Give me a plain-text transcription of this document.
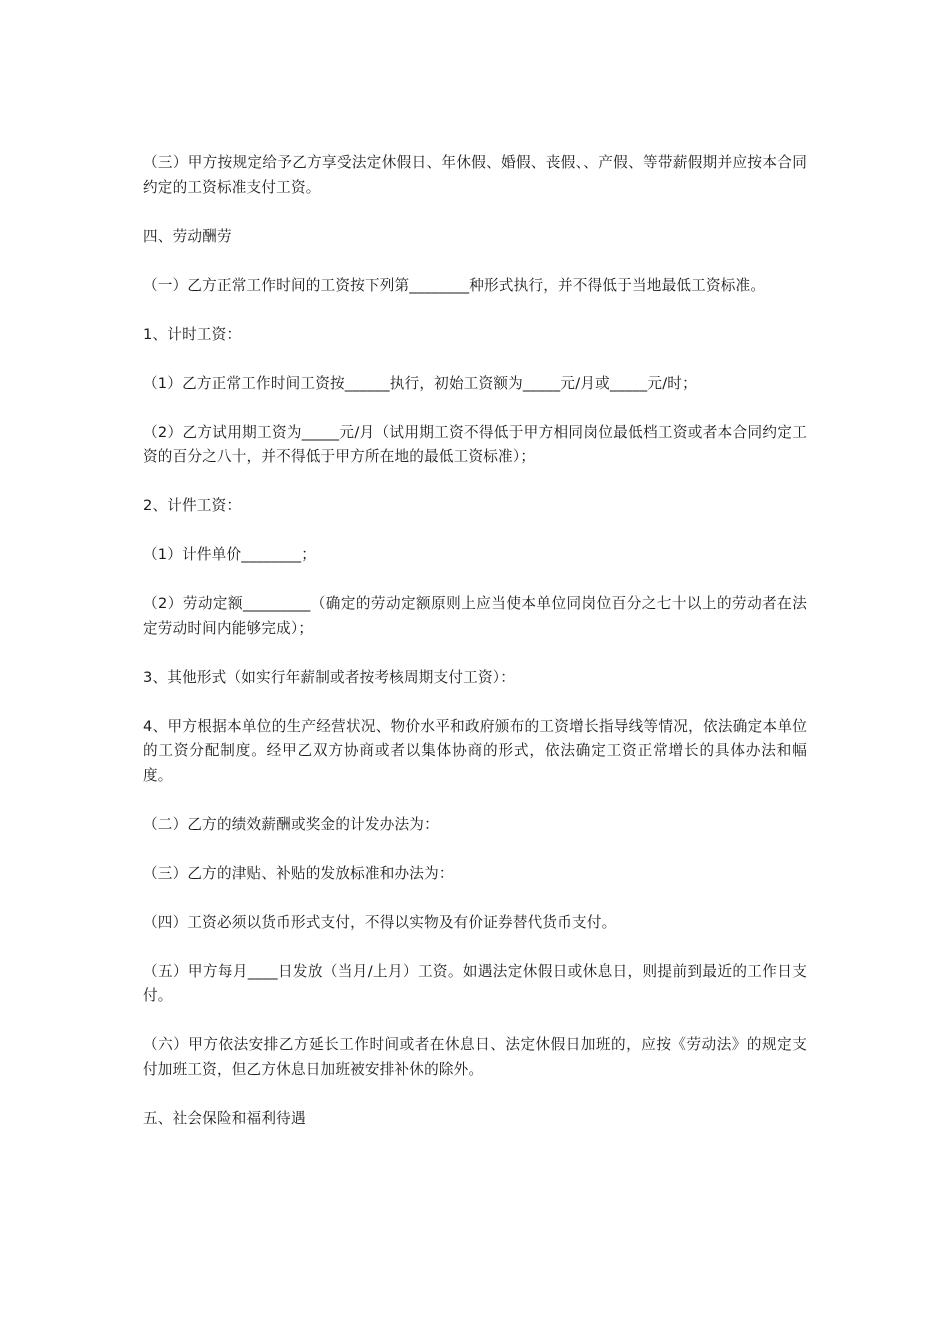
（三）甲方按规定给予乙方享受法定休假日、年休假、婚假、丧假、、产假、等带薪假期并应按本合同约定的工资标准支付工资。

四、劳动酬劳

（一）乙方正常工作时间的工资按下列第________种形式执行，并不得低于当地最低工资标准。

1、计时工资：

（1）乙方正常工作时间工资按______执行，初始工资额为_____元/月或_____元/时；

（2）乙方试用期工资为_____元/月（试用期工资不得低于甲方相同岗位最低档工资或者本合同约定工资的百分之八十，并不得低于甲方所在地的最低工资标准）；

2、计件工资：

（1）计件单价________；

（2）劳动定额_________（确定的劳动定额原则上应当使本单位同岗位百分之七十以上的劳动者在法定劳动时间内能够完成）；

3、其他形式（如实行年薪制或者按考核周期支付工资）：

4、甲方根据本单位的生产经营状况、物价水平和政府颁布的工资增长指导线等情况，依法确定本单位的工资分配制度。经甲乙双方协商或者以集体协商的形式，依法确定工资正常增长的具体办法和幅度。

（二）乙方的绩效薪酬或奖金的计发办法为：

（三）乙方的津贴、补贴的发放标准和办法为：

（四）工资必须以货币形式支付，不得以实物及有价证券替代货币支付。

（五）甲方每月____日发放（当月/上月）工资。如遇法定休假日或休息日，则提前到最近的工作日支付。

（六）甲方依法安排乙方延长工作时间或者在休息日、法定休假日加班的，应按《劳动法》的规定支付加班工资，但乙方休息日加班被安排补休的除外。

五、社会保险和福利待遇
